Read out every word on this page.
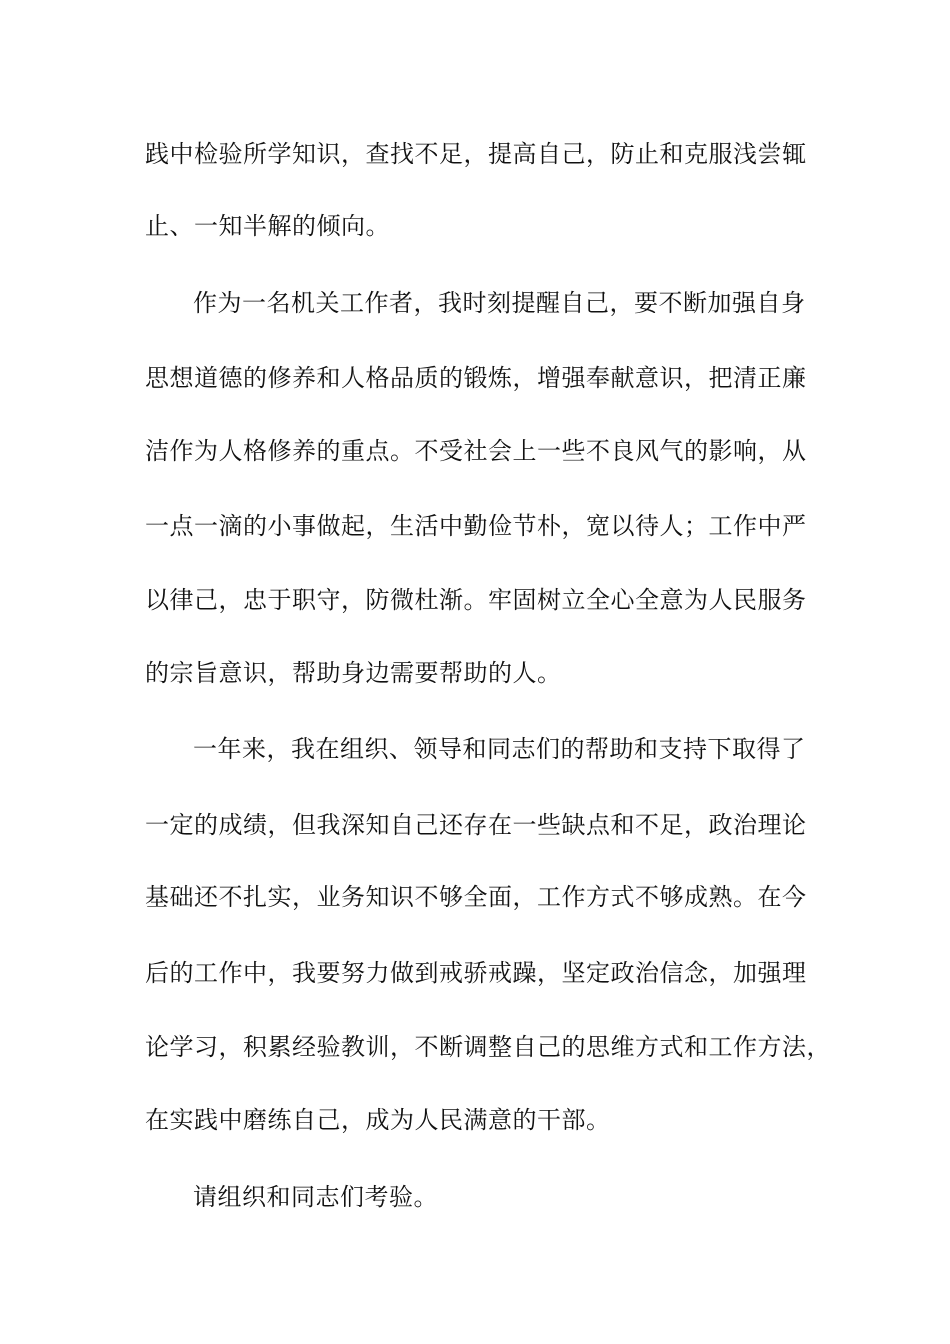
践中检验所学知识，查找不足，提高自己，防止和克服浅尝辄
止、一知半解的倾向。
作为一名机关工作者，我时刻提醒自己，要不断加强自身
思想道德的修养和人格品质的锻炼，增强奉献意识，把清正廉
洁作为人格修养的重点。不受社会上一些不良风气的影响，从
一点一滴的小事做起，生活中勤俭节朴，宽以待人；工作中严
以律己，忠于职守，防微杜渐。牢固树立全心全意为人民服务
的宗旨意识，帮助身边需要帮助的人。
一年来，我在组织、领导和同志们的帮助和支持下取得了
一定的成绩，但我深知自己还存在一些缺点和不足，政治理论
基础还不扎实，业务知识不够全面，工作方式不够成熟。在今
后的工作中，我要努力做到戒骄戒躁，坚定政治信念，加强理
论学习，积累经验教训，不断调整自己的思维方式和工作方法，
在实践中磨练自己，成为人民满意的干部。
请组织和同志们考验。
